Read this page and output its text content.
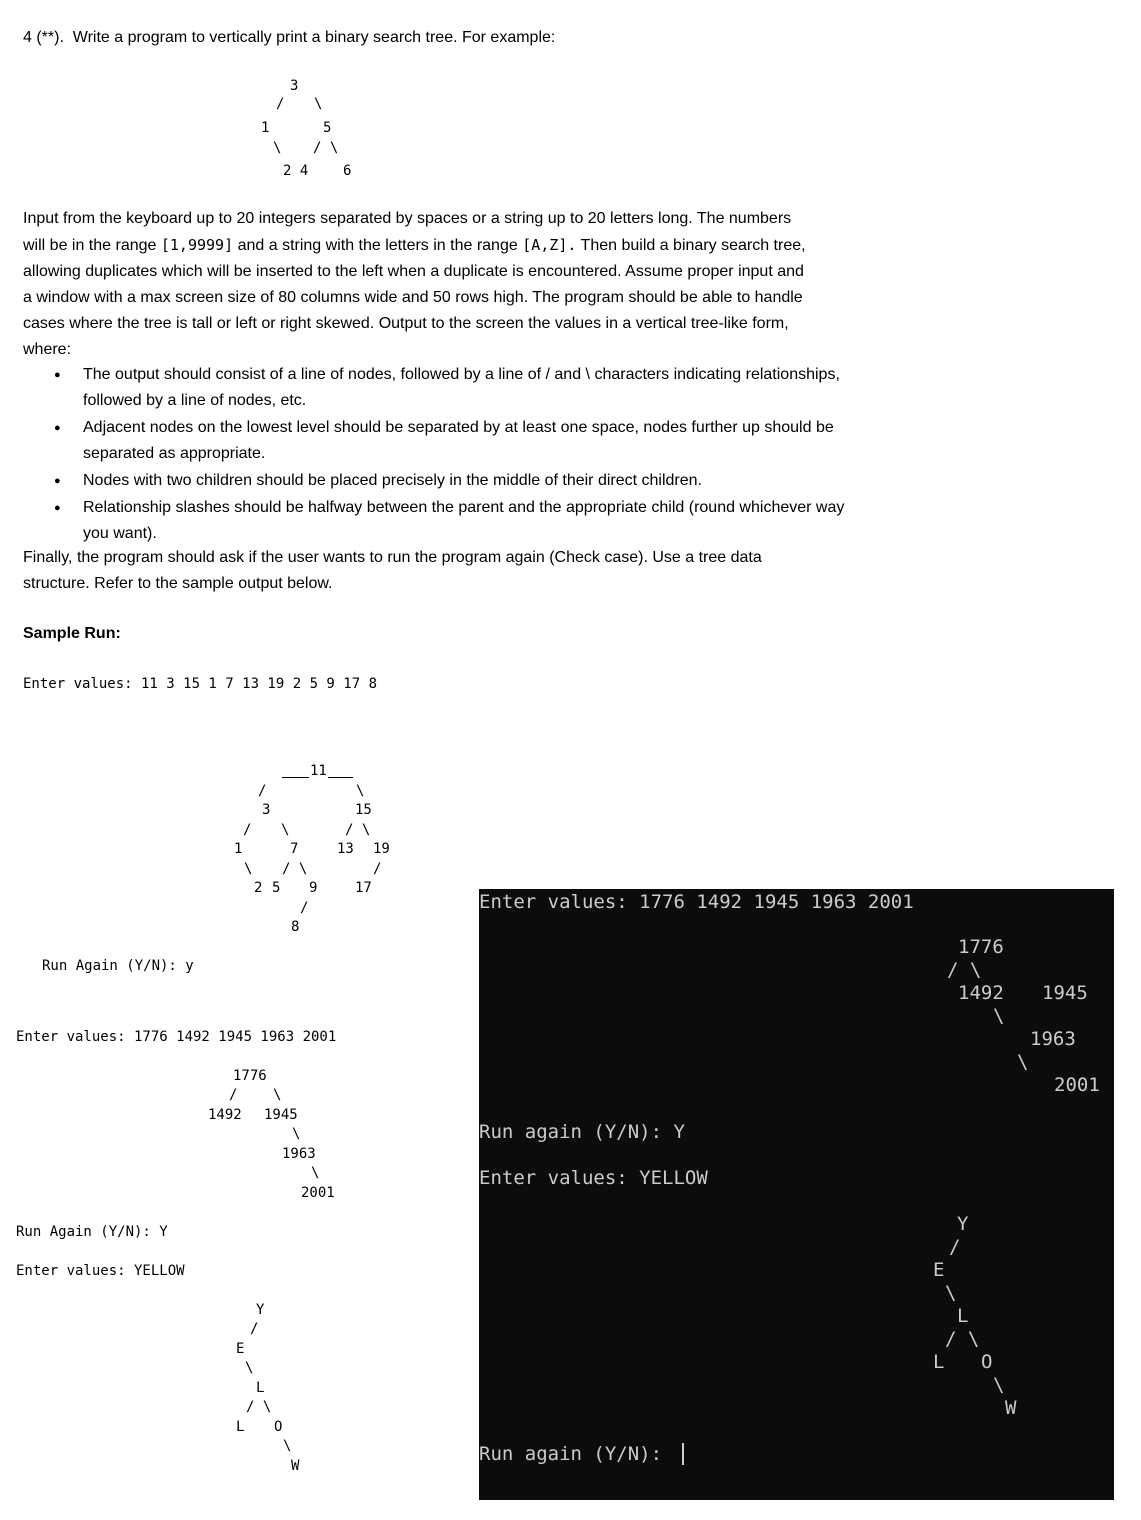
4 (**).  Write a program to vertically print a binary search tree. For example:
3
/ \
1	5
\ / \
2 4 6

Input from the keyboard up to 20 integers separated by spaces or a string up to 20 letters long. The numbers will be in the range [1,9999] and a string with the letters in the range [A,Z]. Then build a binary search tree, allowing duplicates which will be inserted to the left when a duplicate is encountered. Assume proper input and a window with a max screen size of 80 columns wide and 50 rows high. The program should be able to handle cases where the tree is tall or left or right skewed. Output to the screen the values in a vertical tree-like form, where:

● The output should consist of a line of nodes, followed by a line of / and \ characters indicating relationships, followed by a line of nodes, etc.
● Adjacent nodes on the lowest level should be separated by at least one space, nodes further up should be separated as appropriate.
● Nodes with two children should be placed precisely in the middle of their direct children.
● Relationship slashes should be halfway between the parent and the appropriate child (round whichever way you want).
Finally, the program should ask if the user wants to run the program again (Check case). Use a tree data structure. Refer to the sample output below.
Sample Run:
Enter values: 11 3 15 1 7 13 19 2 5 9 17 8
11
/	\
3	15
/ \	/ \
1	7	13 19
\ / \	/
2 5 9	17
/
8
Run Again (Y/N): y
Enter values: 1776 1492 1945 1963 2001
1776
/	\
1492 1945
\
1963
\
2001
Run Again (Y/N): Y
Enter values: YELLOW
Y
/
E
\
L
/ \
L O
\
W
Enter values: 1776 1492 1945 1963 2001
1776
/ \
1492 1945
\
1963
\
2001
Run again (Y/N): Y
Enter values: YELLOW
Y
/
E
\
L
/ \
L O
\
W
Run again (Y/N):
